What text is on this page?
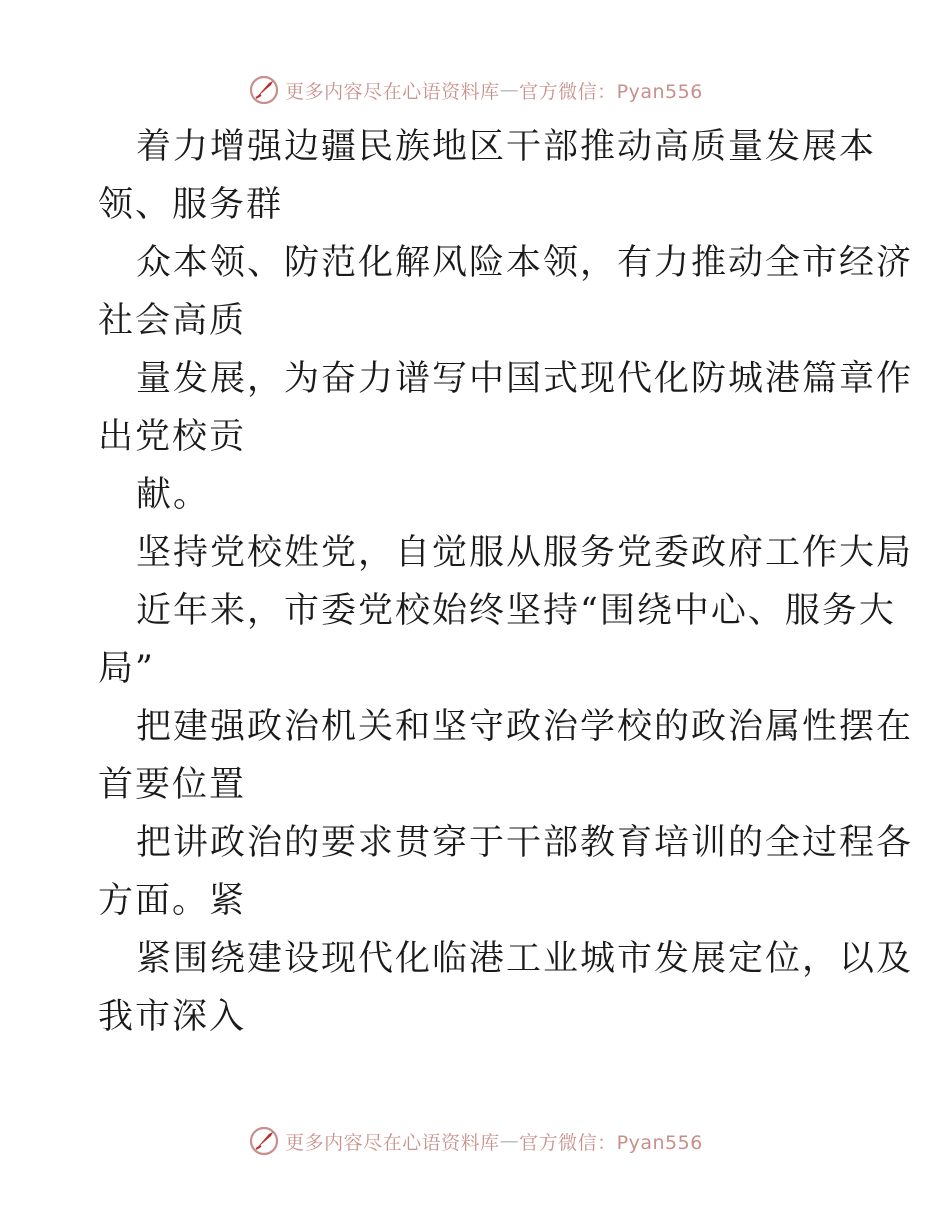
更多内容尽在心语资料库 — 官方微信：Pyan556

着力增强边疆民族地区干部推动高质量发展本
领、服务群

众本领、防范化解风险本领，有力推动全市经济
社会高质

量发展，为奋力谱写中国式现代化防城港篇章作
出党校贡

献。

坚持党校姓党，自觉服从服务党委政府工作大局

近年来，市委党校始终坚持“围绕中心、服务大
局”

把建强政治机关和坚守政治学校的政治属性摆在
首要位置

把讲政治的要求贯穿于干部教育培训的全过程各
方面。紧

紧围绕建设现代化临港工业城市发展定位，以及
我市深入

更多内容尽在心语资料库 — 官方微信：Pyan556
